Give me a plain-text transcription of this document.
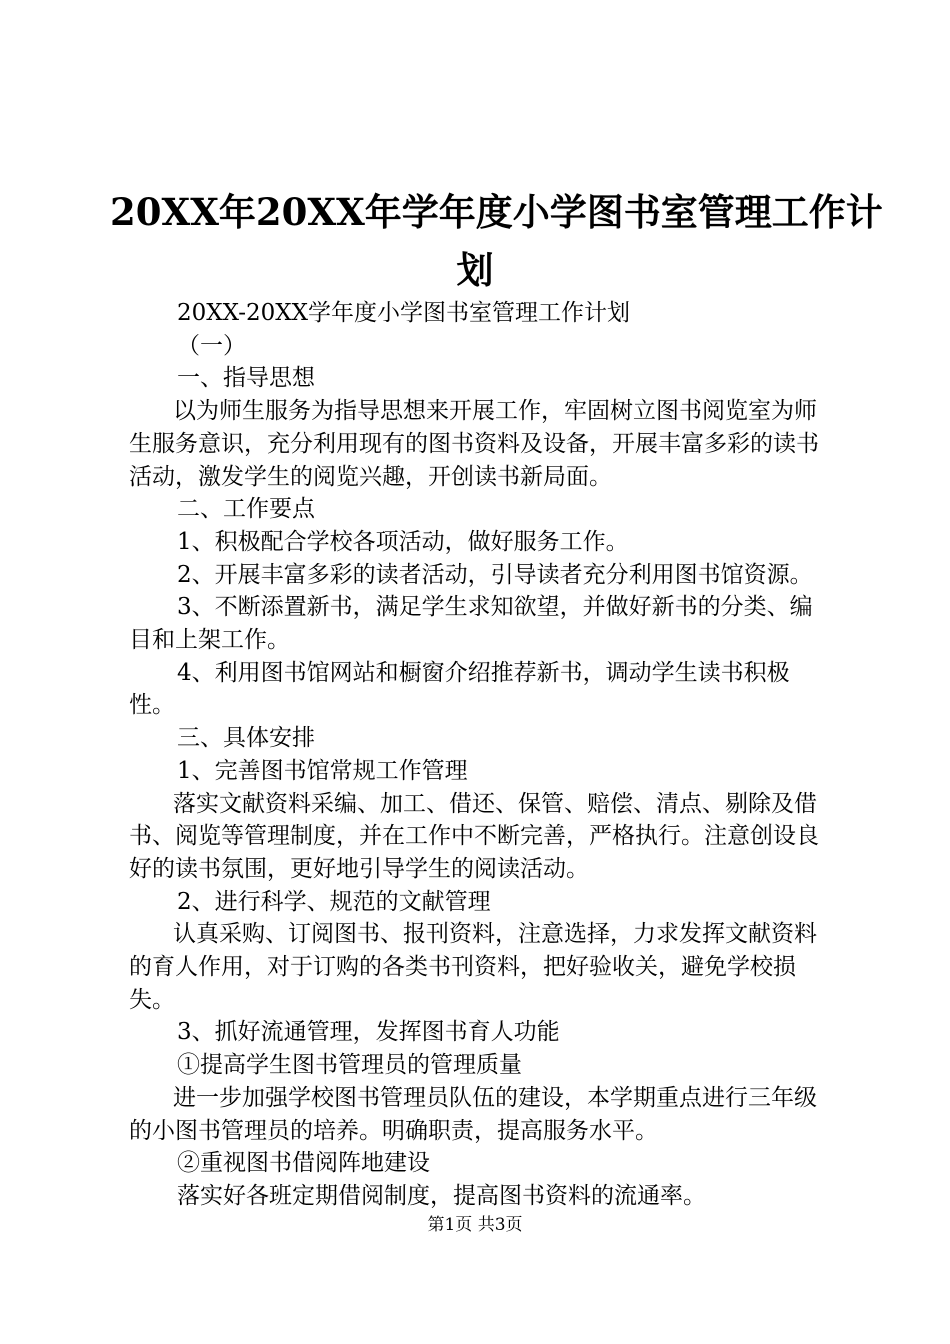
20XX年20XX年学年度小学图书室管理工作计
划

20XX-20XX学年度小学图书室管理工作计划

（一）

一、指导思想

以为师生服务为指导思想来开展工作，牢固树立图书阅览室为师生服务意识，充分利用现有的图书资料及设备，开展丰富多彩的读书活动，激发学生的阅览兴趣，开创读书新局面。

二、工作要点

1、积极配合学校各项活动，做好服务工作。

2、开展丰富多彩的读者活动，引导读者充分利用图书馆资源。

3、不断添置新书，满足学生求知欲望，并做好新书的分类、编目和上架工作。

4、利用图书馆网站和橱窗介绍推荐新书，调动学生读书积极性。

三、具体安排

1、完善图书馆常规工作管理

落实文献资料采编、加工、借还、保管、赔偿、清点、剔除及借书、阅览等管理制度，并在工作中不断完善，严格执行。注意创设良好的读书氛围，更好地引导学生的阅读活动。

2、进行科学、规范的文献管理

认真采购、订阅图书、报刊资料，注意选择，力求发挥文献资料的育人作用，对于订购的各类书刊资料，把好验收关，避免学校损失。

3、抓好流通管理，发挥图书育人功能

①提高学生图书管理员的管理质量

进一步加强学校图书管理员队伍的建设，本学期重点进行三年级的小图书管理员的培养。明确职责，提高服务水平。

②重视图书借阅阵地建设

落实好各班定期借阅制度，提高图书资料的流通率。

第1页 共3页
